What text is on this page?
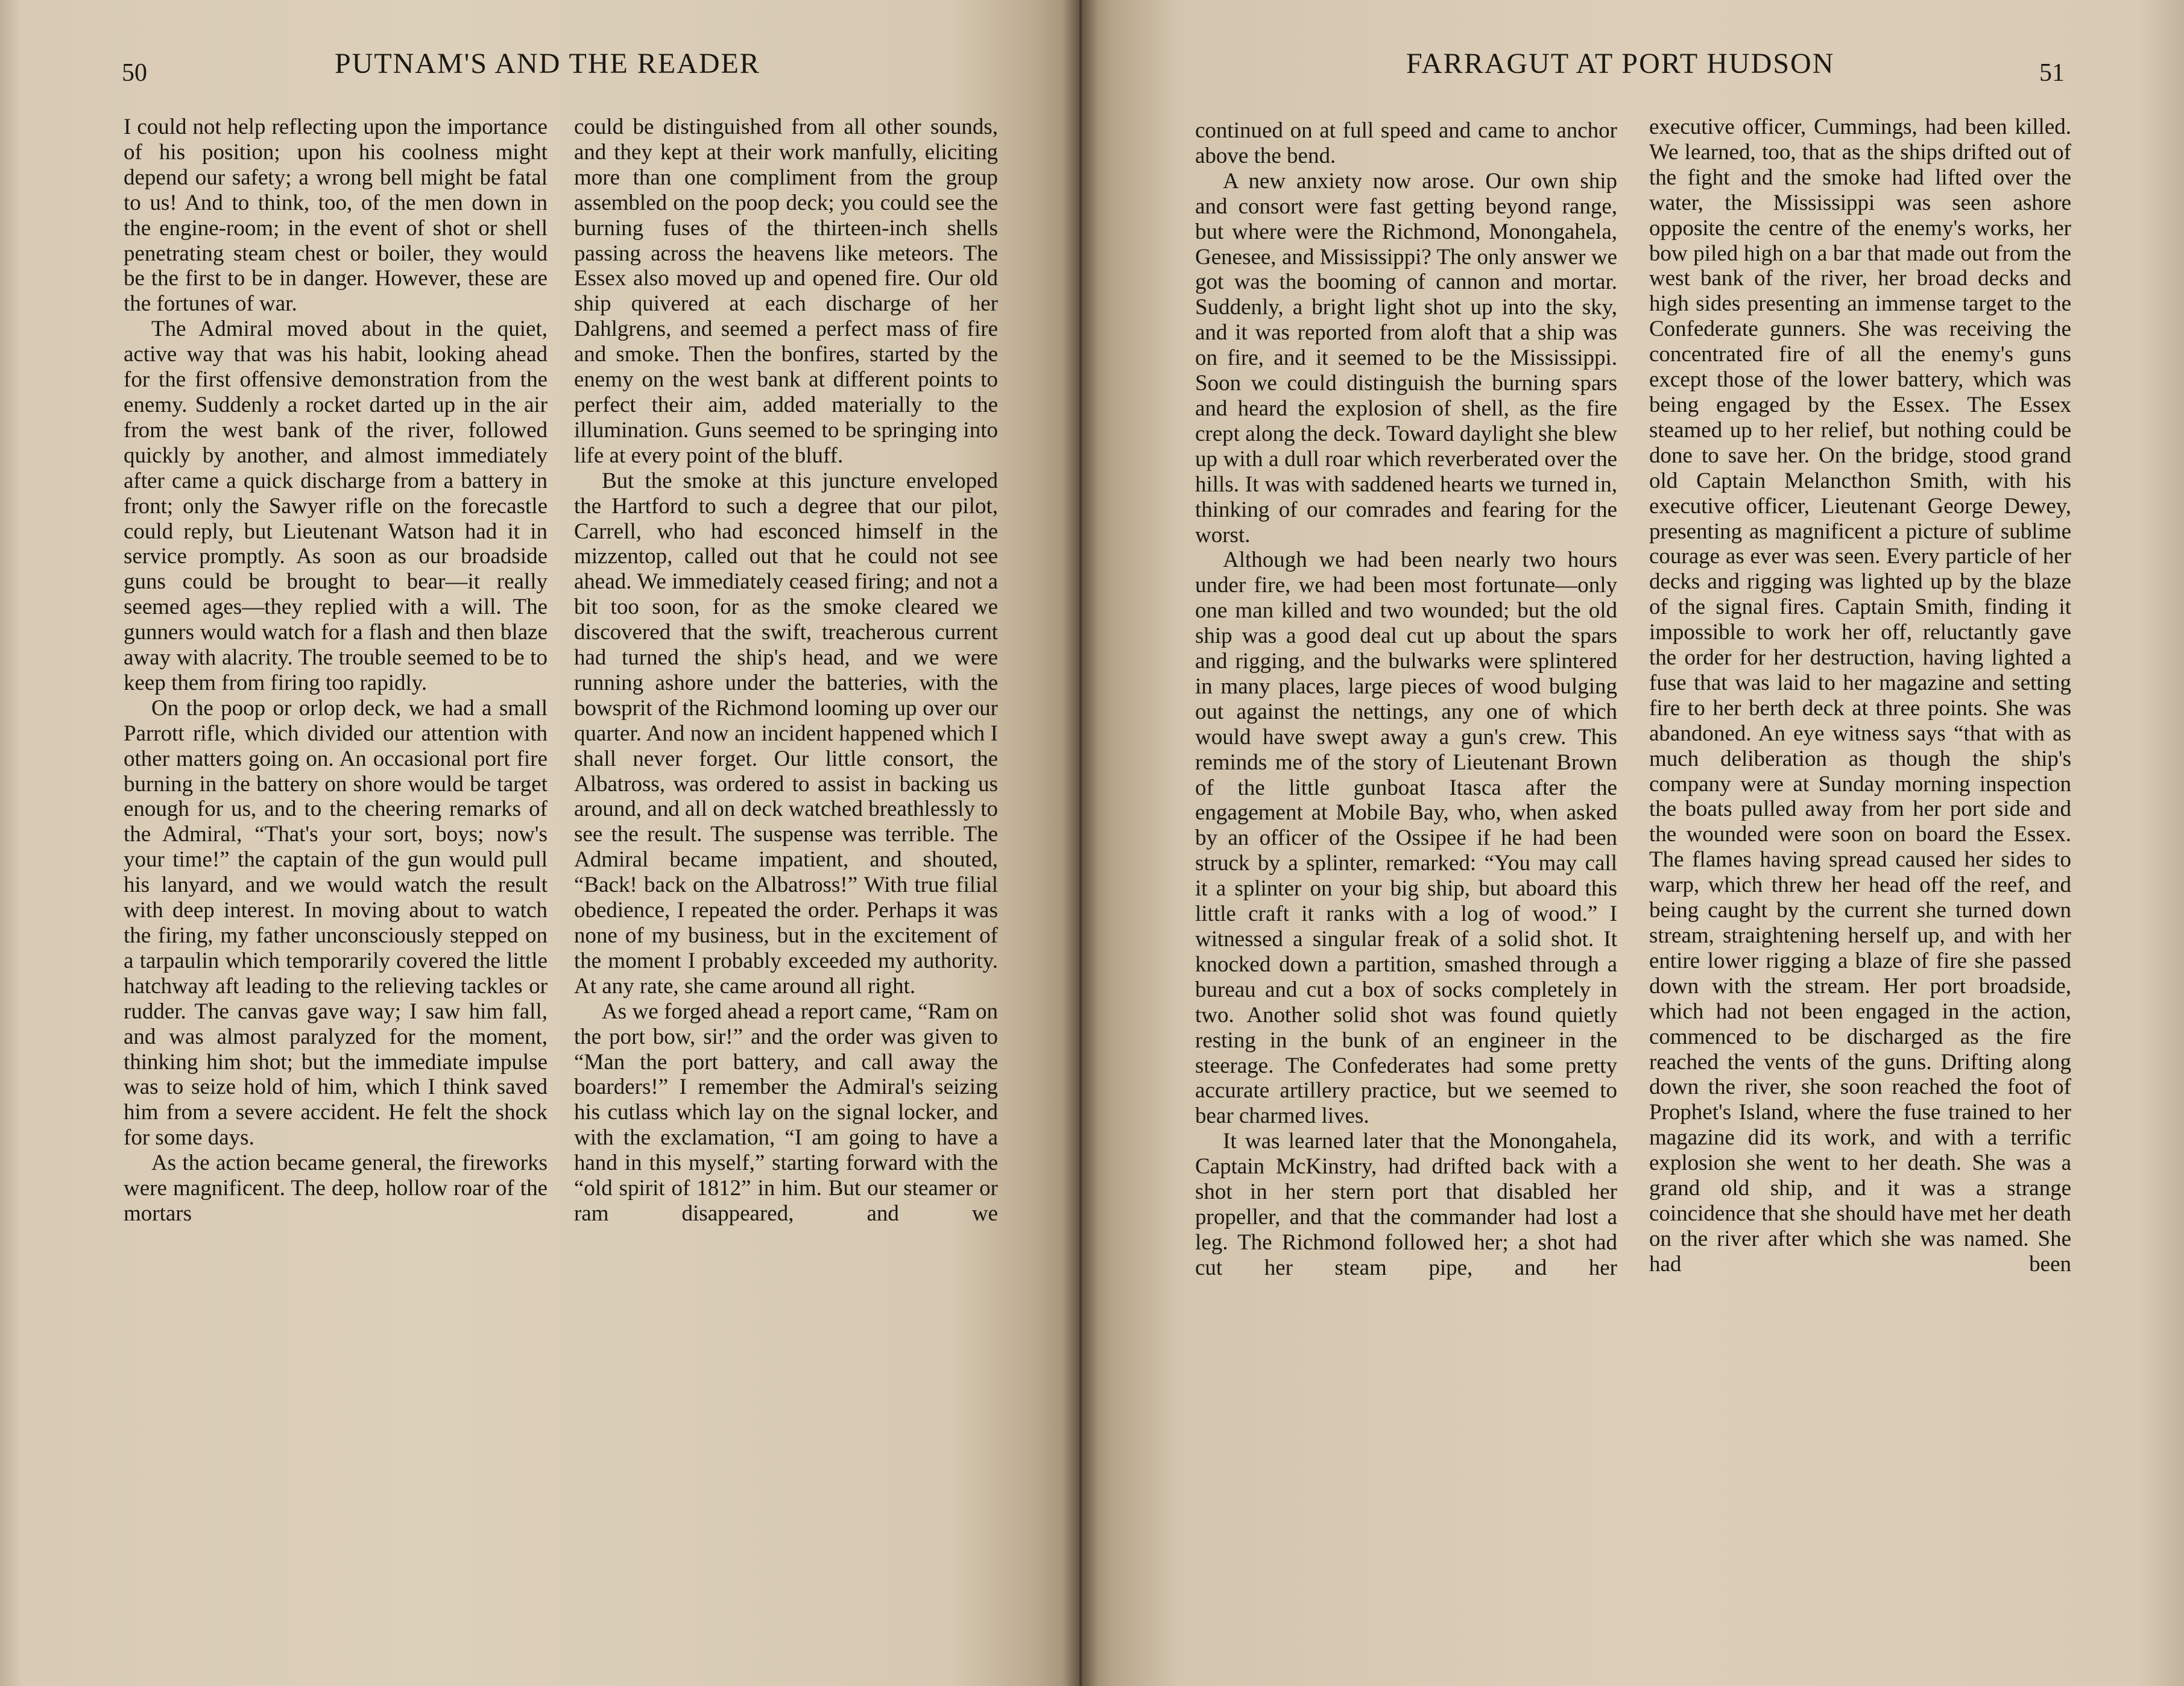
50	PUTNAM'S AND THE READER

I could not help reflecting upon the importance of his position; upon his coolness might depend our safety; a wrong bell might be fatal to us! And to think, too, of the men down in the engine-room; in the event of shot or shell penetrating steam chest or boiler, they would be the first to be in danger. However, these are the fortunes of war.

The Admiral moved about in the quiet, active way that was his habit, looking ahead for the first offensive demonstration from the enemy. Suddenly a rocket darted up in the air from the west bank of the river, followed quickly by another, and almost immediately after came a quick discharge from a battery in front; only the Sawyer rifle on the forecastle could reply, but Lieutenant Watson had it in service promptly. As soon as our broadside guns could be brought to bear—it really seemed ages—they replied with a will. The gunners would watch for a flash and then blaze away with alacrity. The trouble seemed to be to keep them from firing too rapidly.

On the poop or orlop deck, we had a small Parrott rifle, which divided our attention with other matters going on. An occasional port fire burning in the battery on shore would be target enough for us, and to the cheering remarks of the Admiral, “That's your sort, boys; now's your time!” the captain of the gun would pull his lanyard, and we would watch the result with deep interest. In moving about to watch the firing, my father unconsciously stepped on a tarpaulin which temporarily covered the little hatchway aft leading to the relieving tackles or rudder. The canvas gave way; I saw him fall, and was almost paralyzed for the moment, thinking him shot; but the immediate impulse was to seize hold of him, which I think saved him from a severe accident. He felt the shock for some days.

As the action became general, the fireworks were magnificent. The deep, hollow roar of the mortars

could be distinguished from all other sounds, and they kept at their work manfully, eliciting more than one compliment from the group assembled on the poop deck; you could see the burning fuses of the thirteen-inch shells passing across the heavens like meteors. The Essex also moved up and opened fire. Our old ship quivered at each discharge of her Dahlgrens, and seemed a perfect mass of fire and smoke. Then the bonfires, started by the enemy on the west bank at different points to perfect their aim, added materially to the illumination. Guns seemed to be springing into life at every point of the bluff.

But the smoke at this juncture enveloped the Hartford to such a degree that our pilot, Carrell, who had esconced himself in the mizzentop, called out that he could not see ahead. We immediately ceased firing; and not a bit too soon, for as the smoke cleared we discovered that the swift, treacherous current had turned the ship's head, and we were running ashore under the batteries, with the bowsprit of the Richmond looming up over our quarter. And now an incident happened which I shall never forget. Our little consort, the Albatross, was ordered to assist in backing us around, and all on deck watched breathlessly to see the result. The suspense was terrible. The Admiral became impatient, and shouted, “Back! back on the Albatross!” With true filial obedience, I repeated the order. Perhaps it was none of my business, but in the excitement of the moment I probably exceeded my authority. At any rate, she came around all right.

As we forged ahead a report came, “Ram on the port bow, sir!” and the order was given to “Man the port battery, and call away the boarders!” I remember the Admiral's seizing his cutlass which lay on the signal locker, and with the exclamation, “I am going to have a hand in this myself,” starting forward with the “old spirit of 1812” in him. But our steamer or ram disappeared, and we

FARRAGUT AT PORT HUDSON	51

continued on at full speed and came to anchor above the bend.

A new anxiety now arose. Our own ship and consort were fast getting beyond range, but where were the Richmond, Monongahela, Genesee, and Mississippi? The only answer we got was the booming of cannon and mortar. Suddenly, a bright light shot up into the sky, and it was reported from aloft that a ship was on fire, and it seemed to be the Mississippi. Soon we could distinguish the burning spars and heard the explosion of shell, as the fire crept along the deck. Toward daylight she blew up with a dull roar which reverberated over the hills. It was with saddened hearts we turned in, thinking of our comrades and fearing for the worst.

Although we had been nearly two hours under fire, we had been most fortunate—only one man killed and two wounded; but the old ship was a good deal cut up about the spars and rigging, and the bulwarks were splintered in many places, large pieces of wood bulging out against the nettings, any one of which would have swept away a gun's crew. This reminds me of the story of Lieutenant Brown of the little gunboat Itasca after the engagement at Mobile Bay, who, when asked by an officer of the Ossipee if he had been struck by a splinter, remarked: “You may call it a splinter on your big ship, but aboard this little craft it ranks with a log of wood.” I witnessed a singular freak of a solid shot. It knocked down a partition, smashed through a bureau and cut a box of socks completely in two. Another solid shot was found quietly resting in the bunk of an engineer in the steerage. The Confederates had some pretty accurate artillery practice, but we seemed to bear charmed lives.

It was learned later that the Monongahela, Captain McKinstry, had drifted back with a shot in her stern port that disabled her propeller, and that the commander had lost a leg. The Richmond followed her; a shot had cut her steam pipe, and her

executive officer, Cummings, had been killed. We learned, too, that as the ships drifted out of the fight and the smoke had lifted over the water, the Mississippi was seen ashore opposite the centre of the enemy's works, her bow piled high on a bar that made out from the west bank of the river, her broad decks and high sides presenting an immense target to the Confederate gunners. She was receiving the concentrated fire of all the enemy's guns except those of the lower battery, which was being engaged by the Essex. The Essex steamed up to her relief, but nothing could be done to save her. On the bridge, stood grand old Captain Melancthon Smith, with his executive officer, Lieutenant George Dewey, presenting as magnificent a picture of sublime courage as ever was seen. Every particle of her decks and rigging was lighted up by the blaze of the signal fires. Captain Smith, finding it impossible to work her off, reluctantly gave the order for her destruction, having lighted a fuse that was laid to her magazine and setting fire to her berth deck at three points. She was abandoned. An eye witness says “that with as much deliberation as though the ship's company were at Sunday morning inspection the boats pulled away from her port side and the wounded were soon on board the Essex. The flames having spread caused her sides to warp, which threw her head off the reef, and being caught by the current she turned down stream, straightening herself up, and with her entire lower rigging a blaze of fire she passed down with the stream. Her port broadside, which had not been engaged in the action, commenced to be discharged as the fire reached the vents of the guns. Drifting along down the river, she soon reached the foot of Prophet's Island, where the fuse trained to her magazine did its work, and with a terrific explosion she went to her death. She was a grand old ship, and it was a strange coincidence that she should have met her death on the river after which she was named. She had been
